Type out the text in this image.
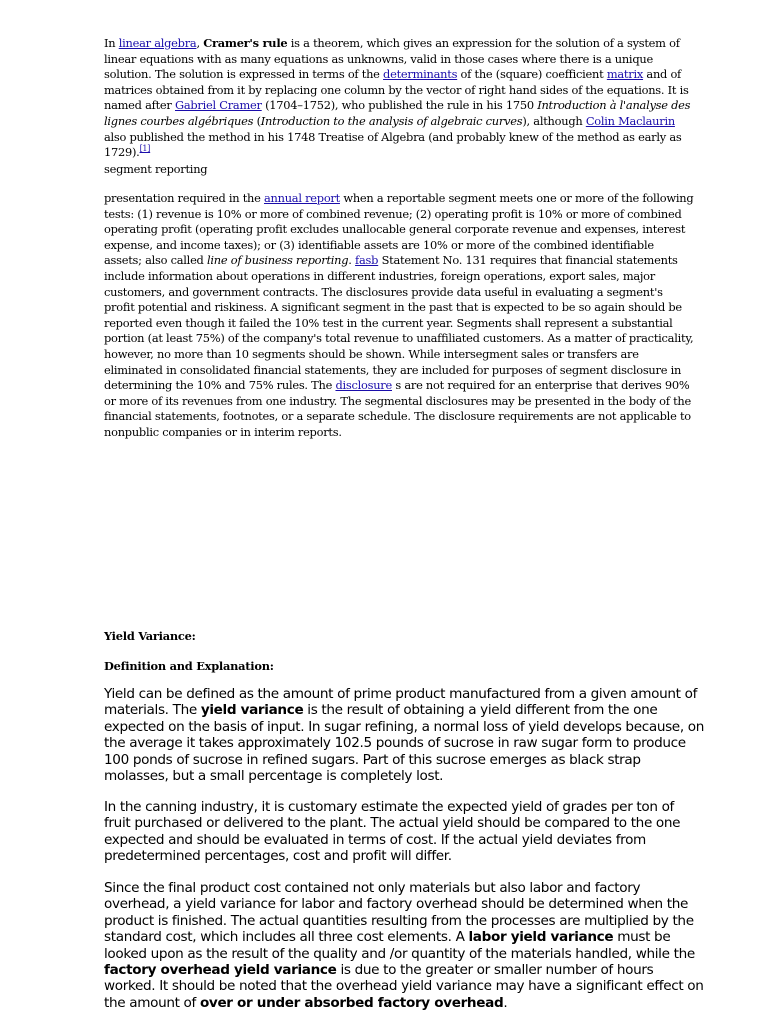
In linear algebra, Cramer's rule is a theorem, which gives an expression for the solution of a system of linear equations with as many equations as unknowns, valid in those cases where there is a unique solution. The solution is expressed in terms of the determinants of the (square) coefficient matrix and of matrices obtained from it by replacing one column by the vector of right hand sides of the equations. It is named after Gabriel Cramer (1704–1752), who published the rule in his 1750 Introduction à l'analyse des lignes courbes algébriques (Introduction to the analysis of algebraic curves), although Colin Maclaurin also published the method in his 1748 Treatise of Algebra (and probably knew of the method as early as 1729).[1]

segment reporting

presentation required in the annual report when a reportable segment meets one or more of the following tests: (1) revenue is 10% or more of combined revenue; (2) operating profit is 10% or more of combined operating profit (operating profit excludes unallocable general corporate revenue and expenses, interest expense, and income taxes); or (3) identifiable assets are 10% or more of the combined identifiable assets; also called line of business reporting. fasb Statement No. 131 requires that financial statements include information about operations in different industries, foreign operations, export sales, major customers, and government contracts. The disclosures provide data useful in evaluating a segment's profit potential and riskiness. A significant segment in the past that is expected to be so again should be reported even though it failed the 10% test in the current year. Segments shall represent a substantial portion (at least 75%) of the company's total revenue to unaffiliated customers. As a matter of practicality, however, no more than 10 segments should be shown. While intersegment sales or transfers are eliminated in consolidated financial statements, they are included for purposes of segment disclosure in determining the 10% and 75% rules. The disclosure s are not required for an enterprise that derives 90% or more of its revenues from one industry. The segmental disclosures may be presented in the body of the financial statements, footnotes, or a separate schedule. The disclosure requirements are not applicable to nonpublic companies or in interim reports.

Yield Variance:

Definition and Explanation:

Yield can be defined as the amount of prime product manufactured from a given amount of materials. The yield variance is the result of obtaining a yield different from the one expected on the basis of input. In sugar refining, a normal loss of yield develops because, on the average it takes approximately 102.5 pounds of sucrose in raw sugar form to produce 100 ponds of sucrose in refined sugars. Part of this sucrose emerges as black strap molasses, but a small percentage is completely lost.

In the canning industry, it is customary estimate the expected yield of grades per ton of fruit purchased or delivered to the plant. The actual yield should be compared to the one expected and should be evaluated in terms of cost. If the actual yield deviates from predetermined percentages, cost and profit will differ.

Since the final product cost contained not only materials but also labor and factory overhead, a yield variance for labor and factory overhead should be determined when the product is finished. The actual quantities resulting from the processes are multiplied by the standard cost, which includes all three cost elements. A labor yield variance must be looked upon as the result of the quality and /or quantity of the materials handled, while the factory overhead yield variance is due to the greater or smaller number of hours worked. It should be noted that the overhead yield variance may have a significant effect on the amount of over or under absorbed factory overhead.
